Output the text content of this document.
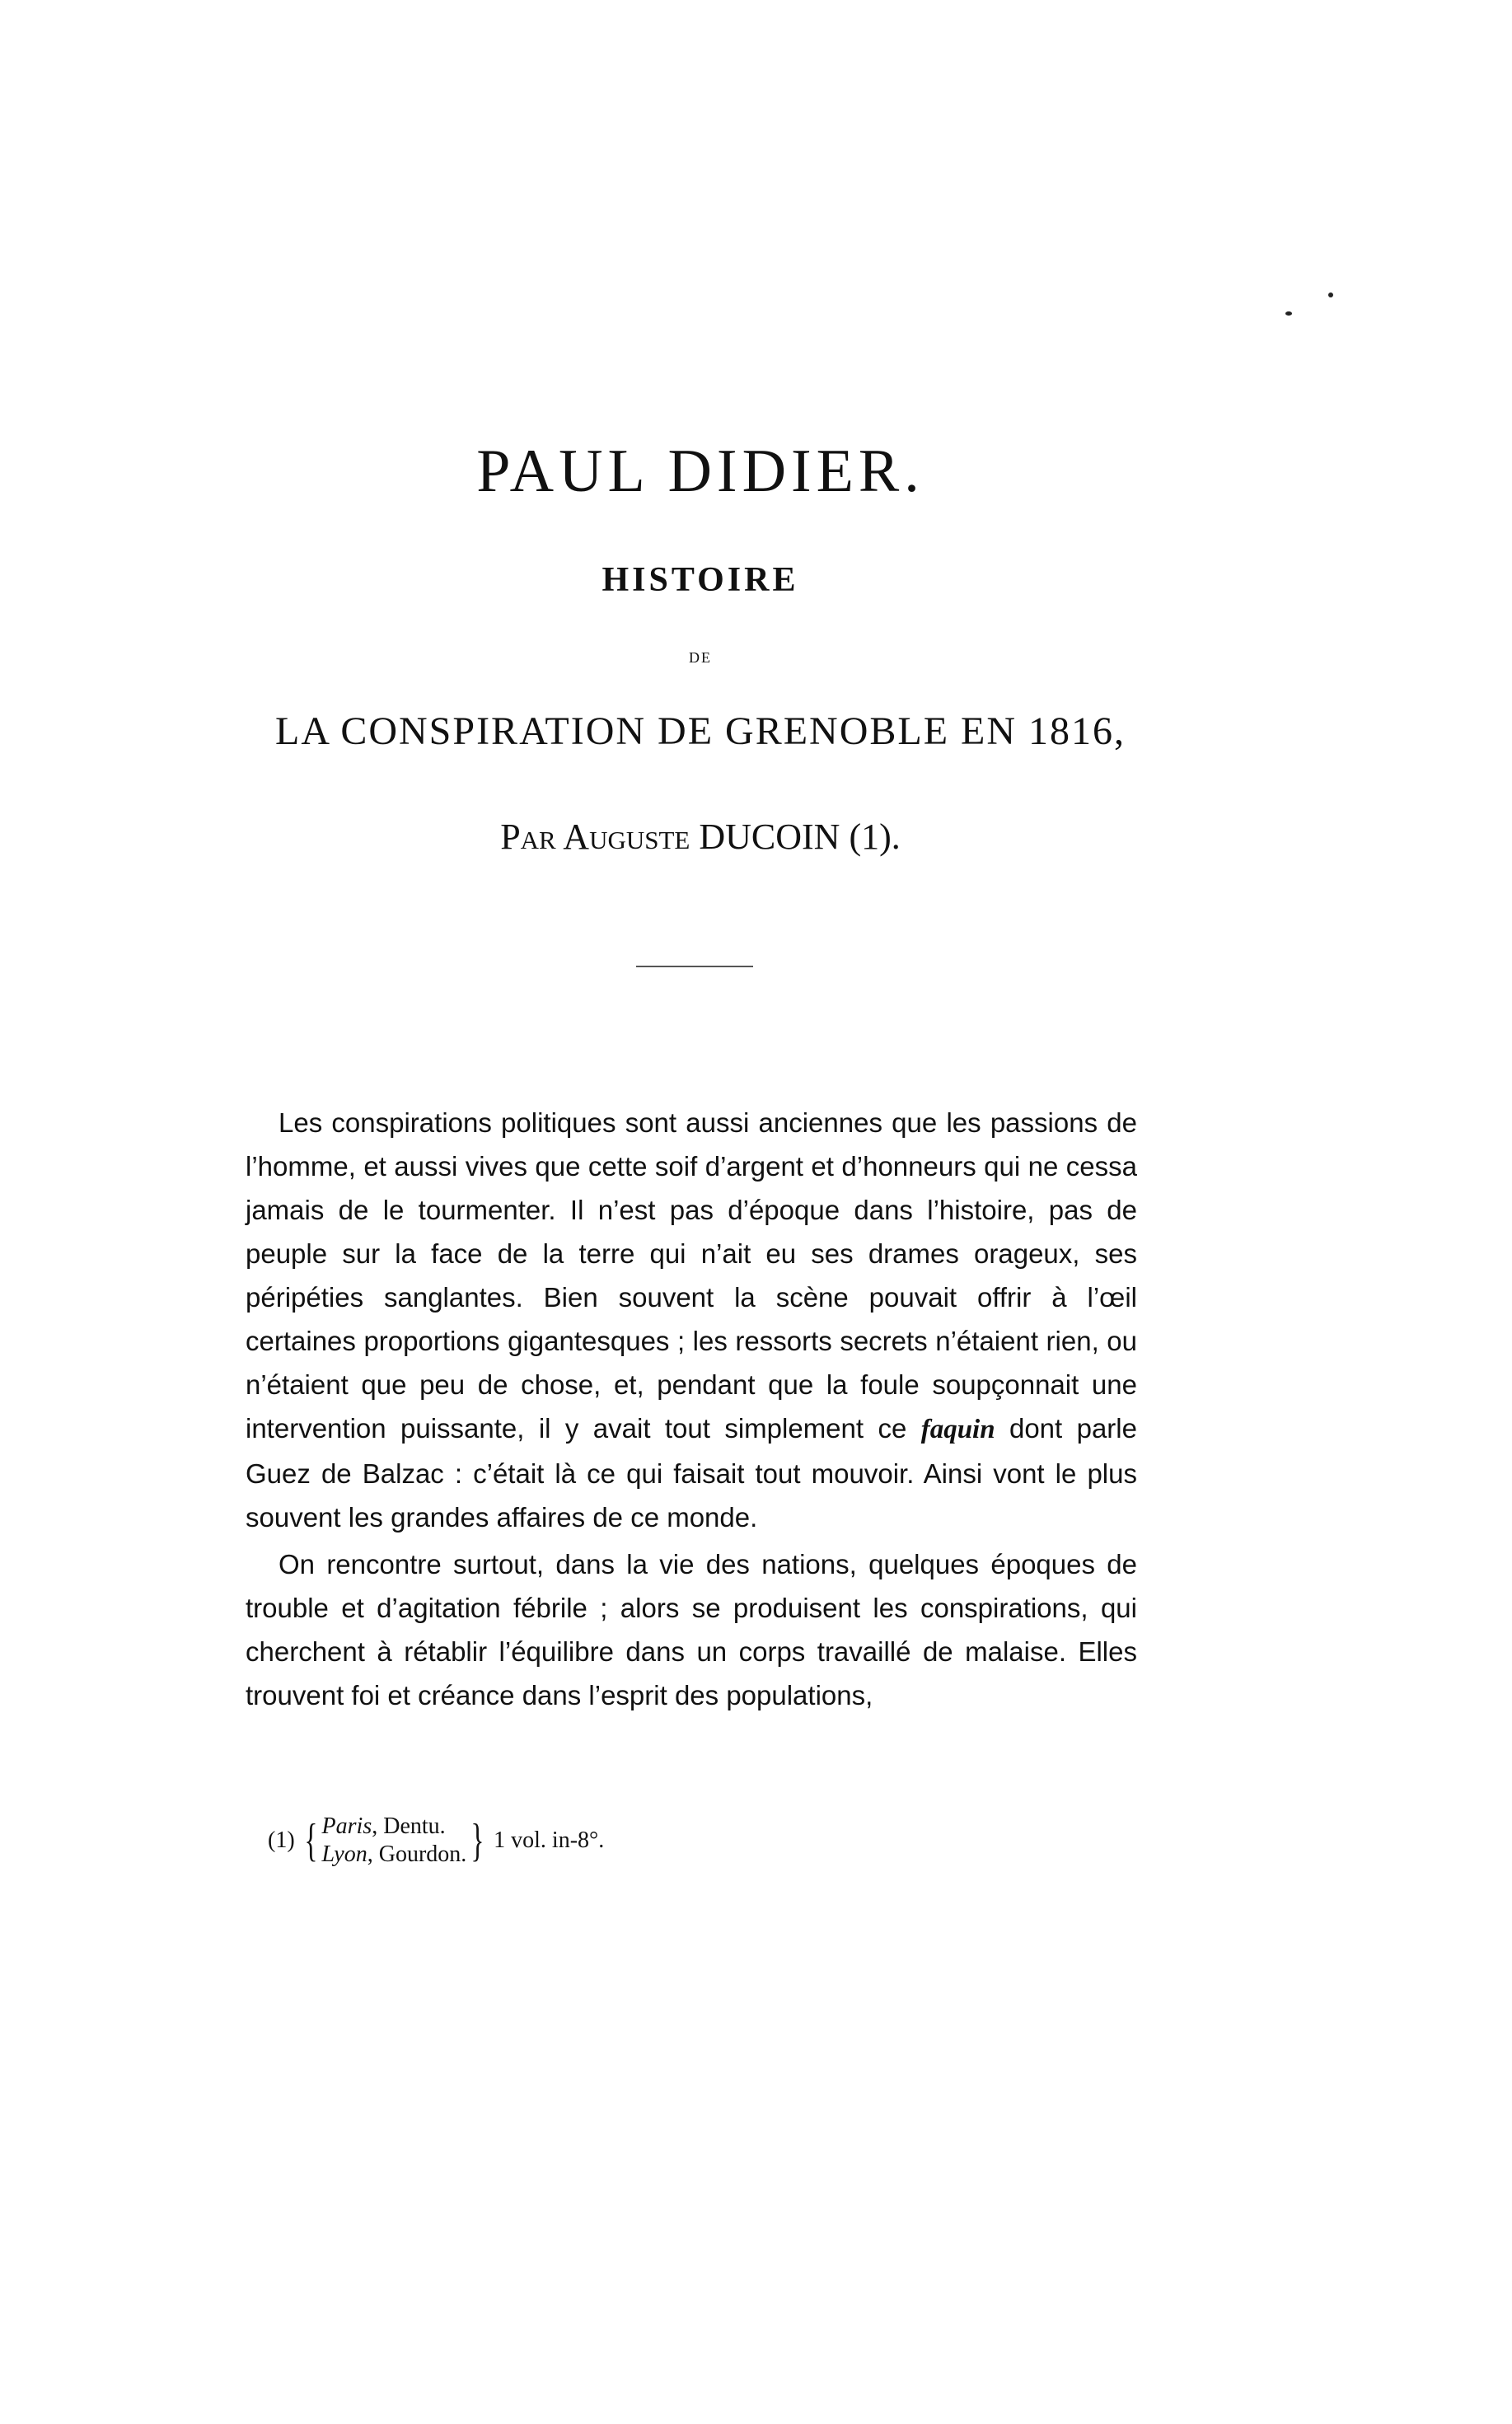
PAUL DIDIER.
HISTOIRE
DE
LA CONSPIRATION DE GRENOBLE EN 1816,
Par Auguste DUCOIN (1).

Les conspirations politiques sont aussi anciennes que les passions de l’homme, et aussi vives que cette soif d’argent et d’honneurs qui ne cessa jamais de le tourmenter. Il n’est pas d’époque dans l’histoire, pas de peuple sur la face de la terre qui n’ait eu ses drames orageux, ses péripéties sanglantes. Bien souvent la scène pouvait offrir à l’œil certaines proportions gigantesques ; les ressorts secrets n’étaient rien, ou n’étaient que peu de chose, et, pendant que la foule soupçonnait une intervention puissante, il y avait tout simplement ce faquin dont parle Guez de Balzac : c’était là ce qui faisait tout mouvoir. Ainsi vont le plus souvent les grandes affaires de ce monde.

On rencontre surtout, dans la vie des nations, quelques époques de trouble et d’agitation fébrile ; alors se produisent les conspirations, qui cherchent à rétablir l’équilibre dans un corps travaillé de malaise. Elles trouvent foi et créance dans l’esprit des populations,

(1) { Paris, Dentu.
Lyon, Gourdon. } 1 vol. in-8°.
